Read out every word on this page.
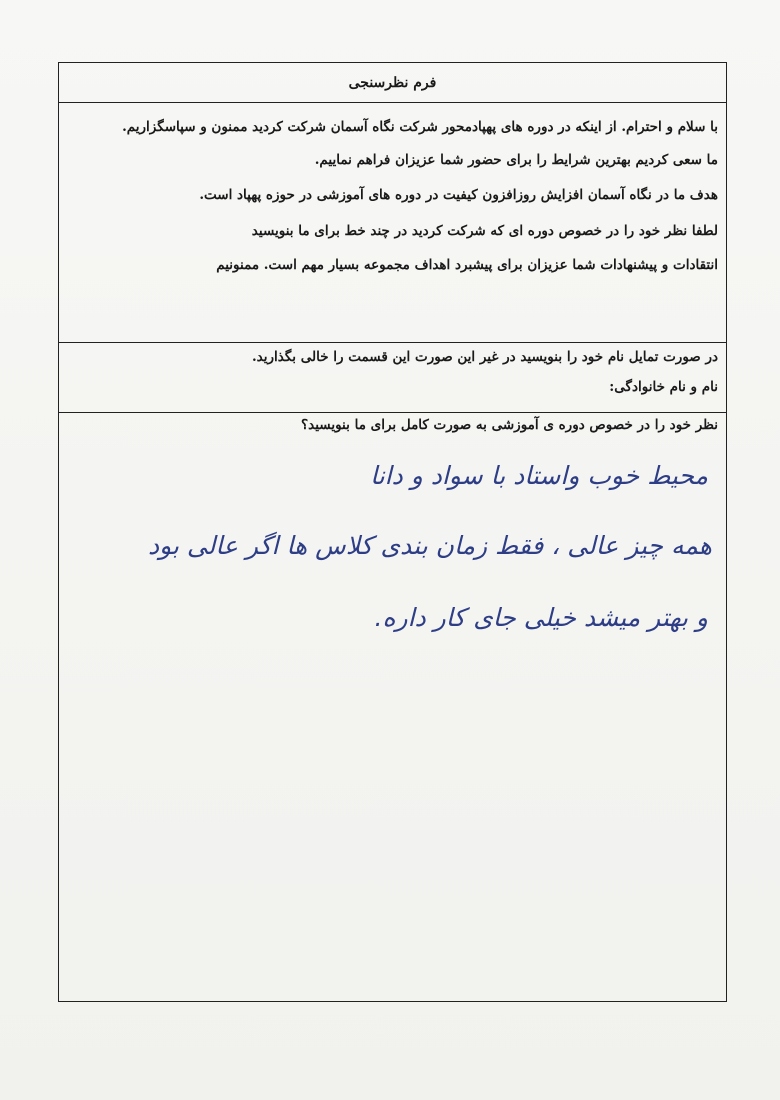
فرم نظرسنجی
با سلام و احترام. از اینکه در دوره های پهپادمحور شرکت نگاه آسمان شرکت کردید ممنون و سپاسگزاریم.
ما سعی کردیم بهترین شرایط را برای حضور شما عزیزان فراهم نماییم.
هدف ما در نگاه آسمان افزایش روزافزون کیفیت در دوره های آموزشی در حوزه پهپاد است.
لطفا نظر خود را در خصوص دوره ای که شرکت کردید در چند خط برای ما بنویسید
انتقادات و پیشنهادات شما عزیزان برای پیشبرد اهداف مجموعه بسیار مهم است. ممنونیم
در صورت تمایل نام خود را بنویسید در غیر این صورت این قسمت را خالی بگذارید.
نام و نام خانوادگی:
نظر خود را در خصوص دوره ی آموزشی به صورت کامل برای ما بنویسید؟
محیط خوب واستاد با سواد و دانا
همه چیز عالی ، فقط زمان بندی کلاس ها اگر عالی بود
و بهتر میشد خیلی جای کار داره.
